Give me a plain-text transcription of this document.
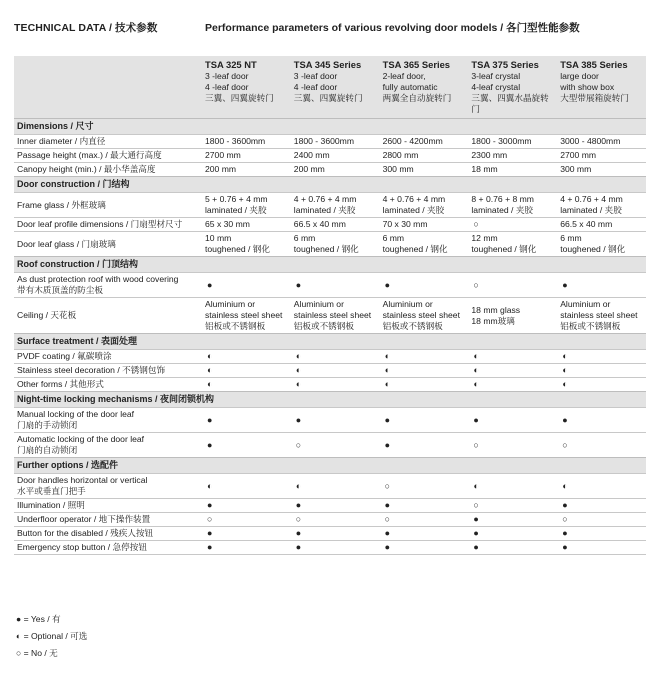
TECHNICAL DATA / 技术参数	Performance parameters of various revolving door models / 各门型性能参数

	TSA 325 NT
3 -leaf door
4 -leaf door
三翼、四翼旋转门	TSA 345 Series
3 -leaf door
4 -leaf door
三翼、四翼旋转门	TSA 365 Series
2-leaf door,
fully automatic
两翼全自动旋转门	TSA 375 Series
3-leaf crystal
4-leaf crystal
三翼、四翼水晶旋转门	TSA 385 Series
large door
with show box
大型带展箱旋转门

Dimensions / 尺寸					

Inner diameter / 内直径	1800 - 3600mm	1800 - 3600mm	2600 - 4200mm	1800 - 3000mm	3000 - 4800mm

Passage height (max.) / 最大通行高度	2700 mm	2400 mm	2800 mm	2300 mm	2700 mm

Canopy height (min.) / 最小华盖高度	200 mm	200 mm	300 mm	18 mm	300 mm

Door construction / 门结构					

Frame glass / 外框玻璃	5 + 0.76 + 4 mm
laminated / 夹胶	4 + 0.76 + 4 mm
laminated / 夹胶	4 + 0.76 + 4 mm
laminated / 夹胶	8 + 0.76 + 8 mm
laminated / 夹胶	4 + 0.76 + 4 mm
laminated / 夹胶

Door leaf profile dimensions / 门扇型材尺寸	65 x 30 mm	66.5 x 40 mm	70 x 30 mm	○	66.5 x 40 mm

Door leaf glass / 门扇玻璃	10 mm
toughened / 钢化	6 mm
toughened / 钢化	6 mm
toughened / 钢化	12 mm
toughened / 钢化	6 mm
toughened / 钢化

Roof construction / 门顶结构					

As dust protection roof with wood covering
带有木质顶盖的防尘板	●	●	●	○	●

Ceiling / 天花板	Aluminium or
stainless steel sheet
铝板或不锈钢板	Aluminium or
stainless steel sheet
铝板或不锈钢板	Aluminium or
stainless steel sheet
铝板或不锈钢板	18 mm glass
18 mm玻璃	Aluminium or
stainless steel sheet
铝板或不锈钢板

Surface treatment / 表面处理					

PVDF coating / 氟碳喷涂	◐	◐	◐	◐	◐

Stainless steel decoration / 不锈钢包饰	◐	◐	◐	◐	◐

Other forms / 其他形式	◐	◐	◐	◐	◐

Night-time locking mechanisms / 夜间闭锁机构					

Manual locking of the door leaf
门扇的手动锁闭	●	●	●	●	●

Automatic locking of the door leaf
门扇的自动锁闭	●	○	●	○	○

Further options / 选配件					

Door handles horizontal or vertical
水平或垂直门把手	◐	◐	○	◐	◐

Illumination / 照明	●	●	●	○	●

Underfloor operator / 地下操作装置	○	○	○	●	○

Button for the disabled / 残疾人按钮	●	●	●	●	●

Emergency stop button / 急停按钮	●	●	●	●	●
● = Yes / 有
◐ = Optional / 可选
○ = No / 无
